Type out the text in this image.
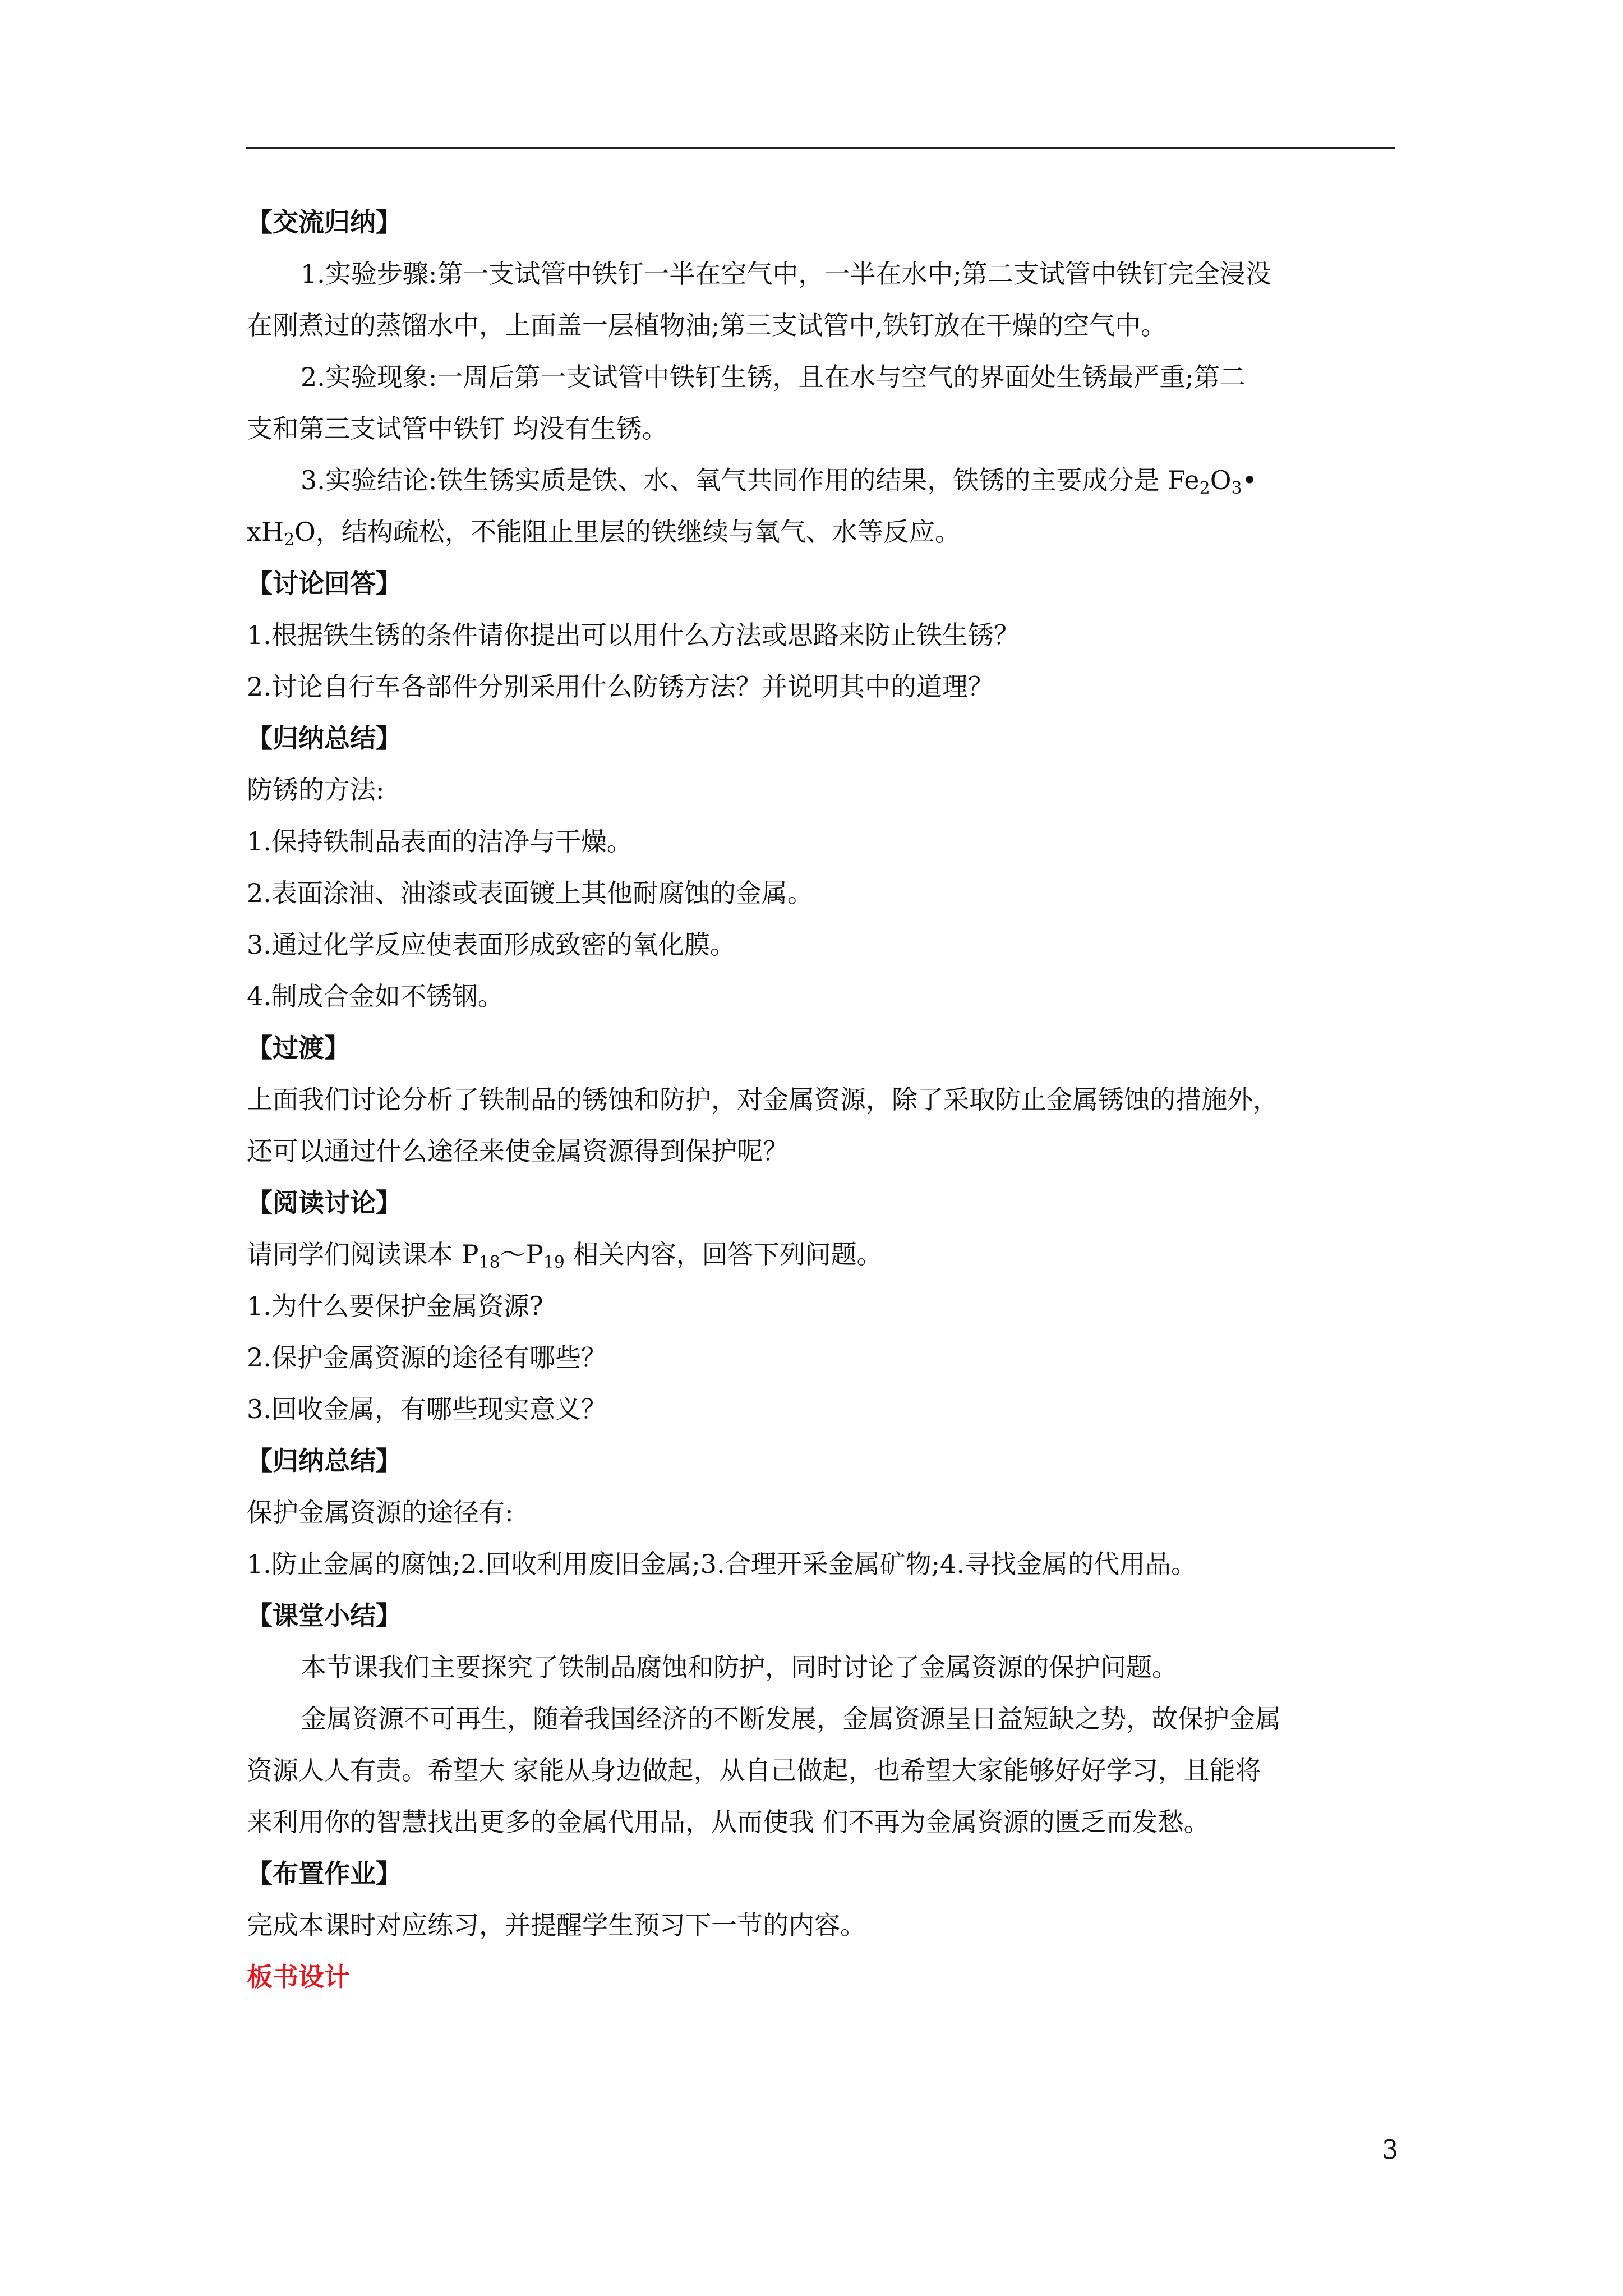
【交流归纳】

1.实验步骤:第一支试管中铁钉一半在空气中，一半在水中;第二支试管中铁钉完全浸没

在刚煮过的蒸馏水中，上面盖一层植物油;第三支试管中,铁钉放在干燥的空气中。

2.实验现象:一周后第一支试管中铁钉生锈，且在水与空气的界面处生锈最严重;第二

支和第三支试管中铁钉 均没有生锈。

3.实验结论:铁生锈实质是铁、水、氧气共同作用的结果，铁锈的主要成分是 $Fe_2O_3•$

$xH_2O$，结构疏松，不能阻止里层的铁继续与氧气、水等反应。

【讨论回答】

1.根据铁生锈的条件请你提出可以用什么方法或思路来防止铁生锈？

2.讨论自行车各部件分别采用什么防锈方法？并说明其中的道理？

【归纳总结】

防锈的方法:

1.保持铁制品表面的洁净与干燥。

2.表面涂油、油漆或表面镀上其他耐腐蚀的金属。

3.通过化学反应使表面形成致密的氧化膜。

4.制成合金如不锈钢。

【过渡】

上面我们讨论分析了铁制品的锈蚀和防护，对金属资源，除了采取防止金属锈蚀的措施外，

还可以通过什么途径来使金属资源得到保护呢？

【阅读讨论】

请同学们阅读课本 $P_{18}\sim P_{19}$ 相关内容，回答下列问题。

1.为什么要保护金属资源?

2.保护金属资源的途径有哪些？

3.回收金属，有哪些现实意义？

【归纳总结】

保护金属资源的途径有:

1.防止金属的腐蚀;2.回收利用废旧金属;3.合理开采金属矿物;4.寻找金属的代用品。

【课堂小结】

本节课我们主要探究了铁制品腐蚀和防护，同时讨论了金属资源的保护问题。

金属资源不可再生，随着我国经济的不断发展，金属资源呈日益短缺之势，故保护金属

资源人人有责。希望大 家能从身边做起，从自己做起，也希望大家能够好好学习，且能将

来利用你的智慧找出更多的金属代用品，从而使我 们不再为金属资源的匮乏而发愁。

【布置作业】

完成本课时对应练习，并提醒学生预习下一节的内容。

板书设计

3
